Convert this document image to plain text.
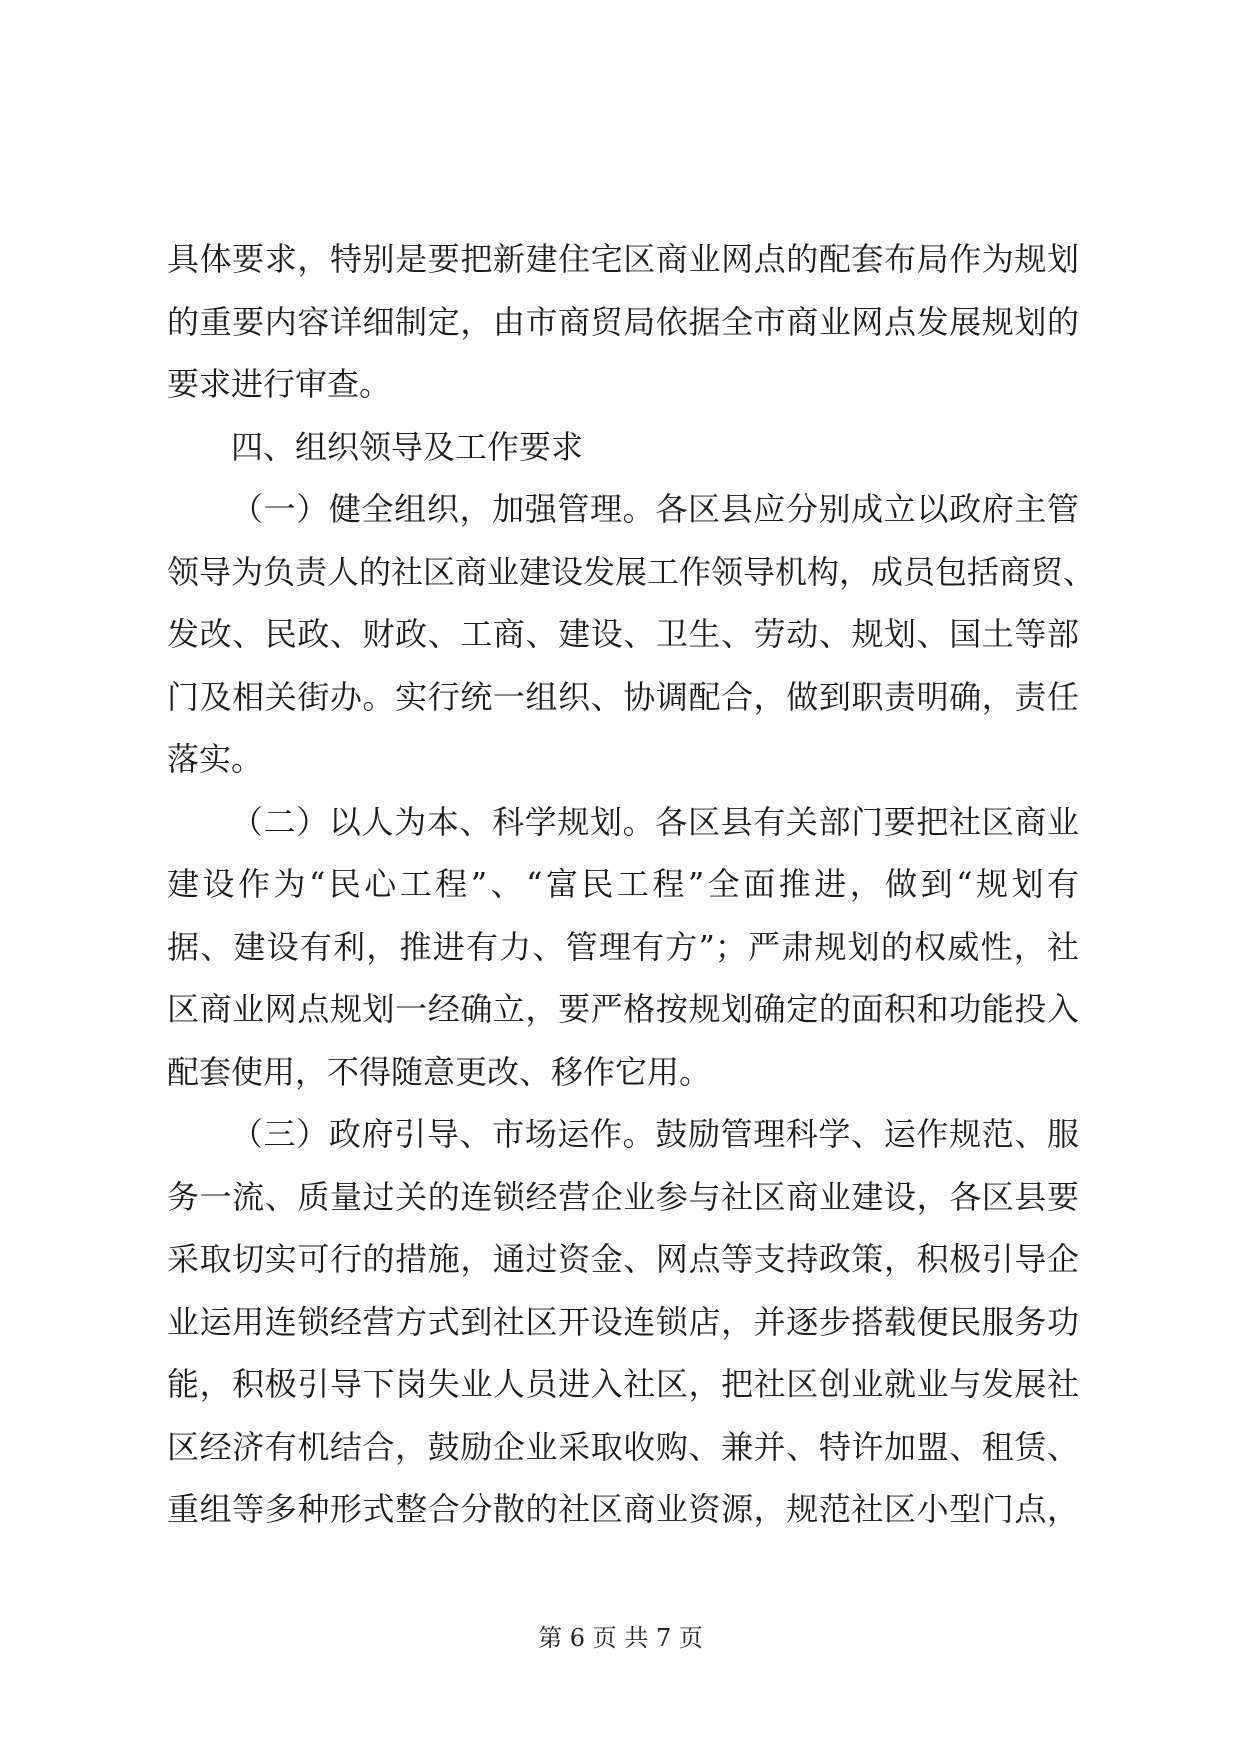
具体要求，特别是要把新建住宅区商业网点的配套布局作为规划
的重要内容详细制定，由市商贸局依据全市商业网点发展规划的
要求进行审查。
四、组织领导及工作要求
（一）健全组织，加强管理。各区县应分别成立以政府主管
领导为负责人的社区商业建设发展工作领导机构，成员包括商贸、
发改、民政、财政、工商、建设、卫生、劳动、规划、国土等部
门及相关街办。实行统一组织、协调配合，做到职责明确，责任
落实。
（二）以人为本、科学规划。各区县有关部门要把社区商业
建设作为“民心工程”、“富民工程”全面推进，做到“规划有
据、建设有利，推进有力、管理有方”；严肃规划的权威性，社
区商业网点规划一经确立，要严格按规划确定的面积和功能投入
配套使用，不得随意更改、移作它用。
（三）政府引导、市场运作。鼓励管理科学、运作规范、服
务一流、质量过关的连锁经营企业参与社区商业建设，各区县要
采取切实可行的措施，通过资金、网点等支持政策，积极引导企
业运用连锁经营方式到社区开设连锁店，并逐步搭载便民服务功
能，积极引导下岗失业人员进入社区，把社区创业就业与发展社
区经济有机结合，鼓励企业采取收购、兼并、特许加盟、租赁、
重组等多种形式整合分散的社区商业资源，规范社区小型门点，
第 6 页 共 7 页
